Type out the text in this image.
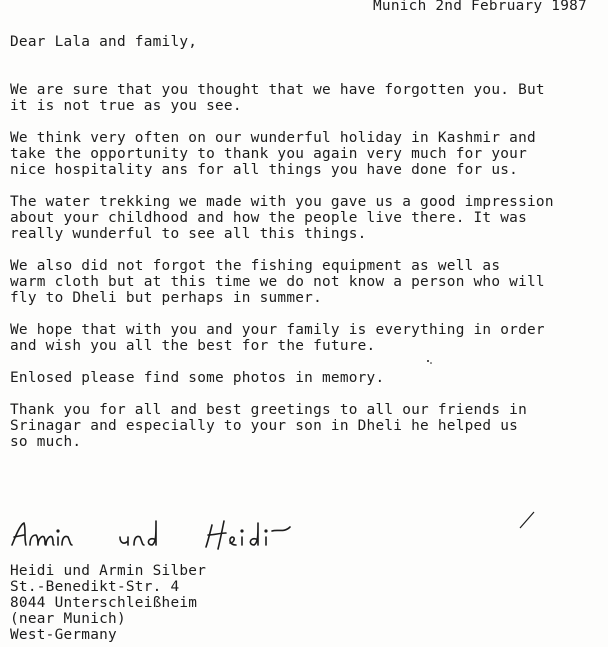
Munich 2nd February 1987
Dear Lala and family,
We are sure that you thought that we have forgotten you. But
it is not true as you see.
We think very often on our wunderful holiday in Kashmir and
take the opportunity to thank you again very much for your
nice hospitality ans for all things you have done for us.
The water trekking we made with you gave us a good impression
about your childhood and how the people live there. It was
really wunderful to see all this things.
We also did not forgot the fishing equipment as well as
warm cloth but at this time we do not know a person who will
fly to Dheli but perhaps in summer.
We hope that with you and your family is everything in order
and wish you all the best for the future.
Enlosed please find some photos in memory.
Thank you for all and best greetings to all our friends in
Srinagar and especially to your son in Dheli he helped us
so much.
Heidi und Armin Silber
St.-Benedikt-Str. 4
8044 Unterschleißheim
(near Munich)
West-Germany
